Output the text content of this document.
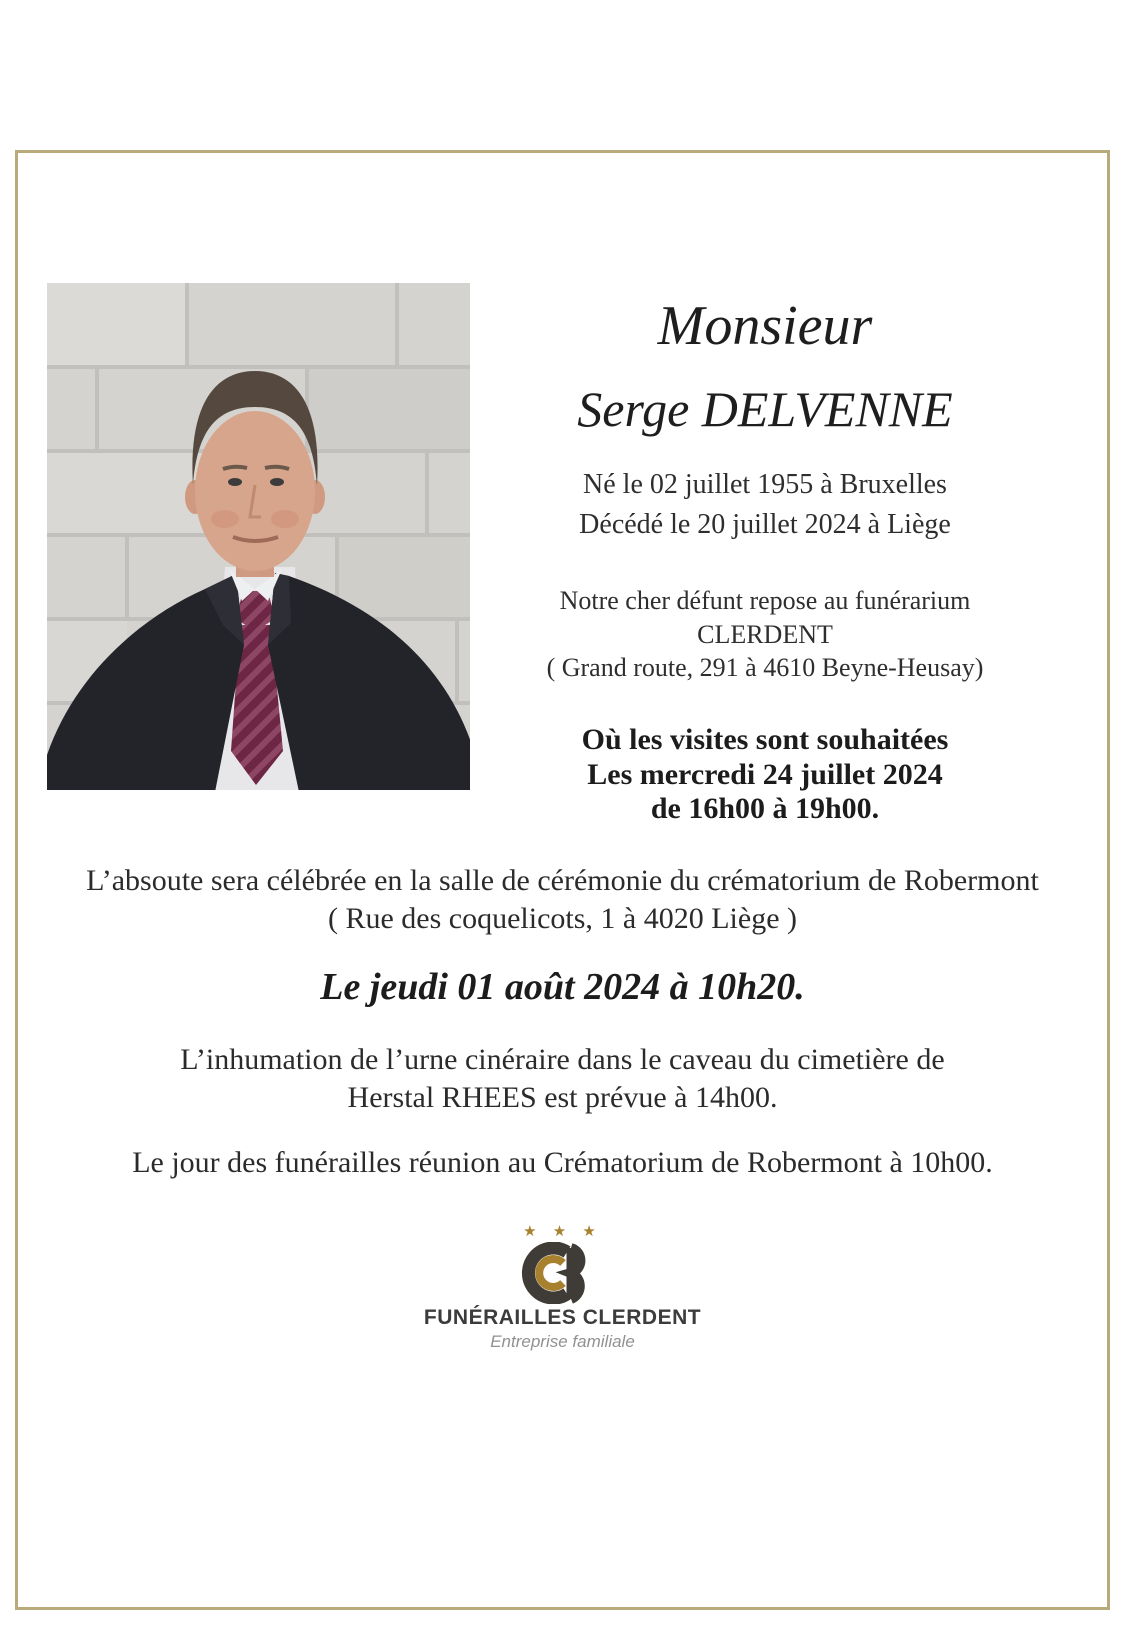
Monsieur
Serge DELVENNE
Né le 02 juillet 1955 à Bruxelles
Décédé le 20 juillet 2024 à Liège
Notre cher défunt repose au funérarium CLERDENT
( Grand route, 291 à 4610 Beyne-Heusay)
Où les visites sont souhaitées
Les mercredi 24 juillet 2024
de 16h00 à 19h00.
L’absoute sera célébrée en la salle de cérémonie du crématorium de Robermont
( Rue des coquelicots, 1 à 4020 Liège )
Le jeudi 01 août 2024 à 10h20.
L’inhumation de l’urne cinéraire dans le caveau du cimetière de
Herstal RHEES est prévue à 14h00.
Le jour des funérailles réunion au Crématorium de Robermont à 10h00.
★ ★ ★
FUNÉRAILLES CLERDENT
Entreprise familiale
